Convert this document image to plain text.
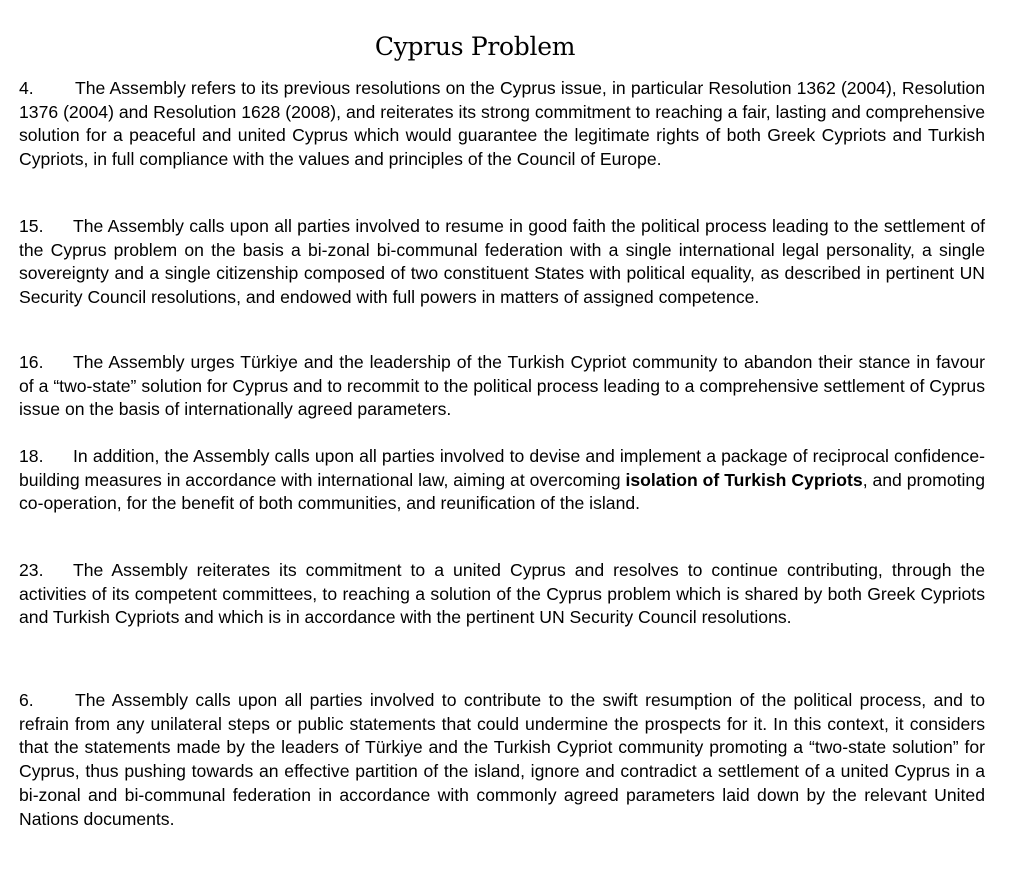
Cyprus Problem

4. The Assembly refers to its previous resolutions on the Cyprus issue, in particular Resolution 1362 (2004), Resolution 1376 (2004) and Resolution 1628 (2008), and reiterates its strong commitment to reaching a fair, lasting and comprehensive solution for a peaceful and united Cyprus which would guarantee the legitimate rights of both Greek Cypriots and Turkish Cypriots, in full compliance with the values and principles of the Council of Europe.

15. The Assembly calls upon all parties involved to resume in good faith the political process leading to the settlement of the Cyprus problem on the basis a bi-zonal bi-communal federation with a single international legal personality, a single sovereignty and a single citizenship composed of two constituent States with political equality, as described in pertinent UN Security Council resolutions, and endowed with full powers in matters of assigned competence.

16. The Assembly urges Türkiye and the leadership of the Turkish Cypriot community to abandon their stance in favour of a “two-state” solution for Cyprus and to recommit to the political process leading to a comprehensive settlement of Cyprus issue on the basis of internationally agreed parameters.

18. In addition, the Assembly calls upon all parties involved to devise and implement a package of reciprocal confidence-building measures in accordance with international law, aiming at overcoming isolation of Turkish Cypriots, and promoting co-operation, for the benefit of both communities, and reunification of the island.

23. The Assembly reiterates its commitment to a united Cyprus and resolves to continue contributing, through the activities of its competent committees, to reaching a solution of the Cyprus problem which is shared by both Greek Cypriots and Turkish Cypriots and which is in accordance with the pertinent UN Security Council resolutions.

6. The Assembly calls upon all parties involved to contribute to the swift resumption of the political process, and to refrain from any unilateral steps or public statements that could undermine the prospects for it. In this context, it considers that the statements made by the leaders of Türkiye and the Turkish Cypriot community promoting a “two-state solution” for Cyprus, thus pushing towards an effective partition of the island, ignore and contradict a settlement of a united Cyprus in a bi-zonal and bi-communal federation in accordance with commonly agreed parameters laid down by the relevant United Nations documents.
